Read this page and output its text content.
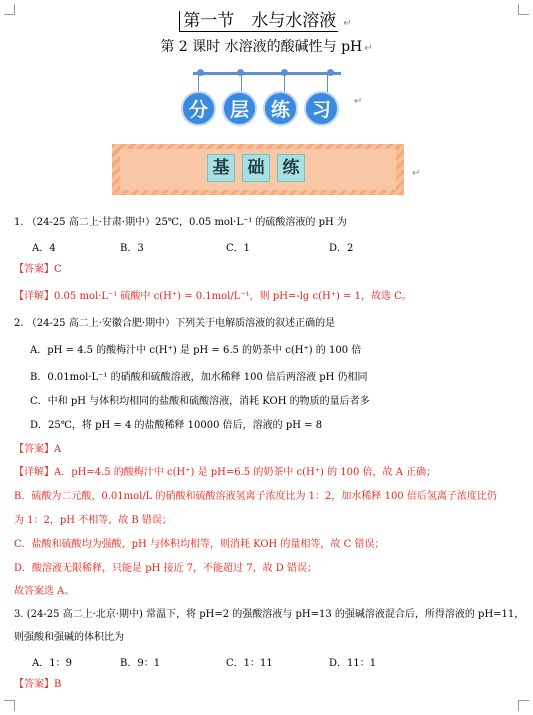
第一节　水与水溶液 ↵
第 2 课时 水溶液的酸碱性与 pH ↵
分	层	练	习	↵
基	础	练	↵
1. （24-25 高二上·甘肃·期中）25℃，0.05 mol·L⁻¹ 的硫酸溶液的 pH 为
A．4	B．3	C．1	D．2
【答案】C
【详解】0.05 mol·L⁻¹ 硫酸中 c(H⁺) = 0.1mol/L⁻¹，则 pH=-lg c(H⁺) = 1，故选 C。
2. （24-25 高二上·安徽合肥·期中）下列关于电解质溶液的叙述正确的是
A．pH = 4.5 的酸梅汁中 c(H⁺) 是 pH = 6.5 的奶茶中 c(H⁺) 的 100 倍
B．0.01mol·L⁻¹ 的硝酸和硫酸溶液，加水稀释 100 倍后两溶液 pH 仍相同
C．中和 pH 与体积均相同的盐酸和硫酸溶液，消耗 KOH 的物质的量后者多
D．25℃，将 pH = 4 的盐酸稀释 10000 倍后，溶液的 pH = 8
【答案】A
【详解】A．pH=4.5 的酸梅汁中 c(H⁺) 是 pH=6.5 的奶茶中 c(H⁺) 的 100 倍，故 A 正确；
B．硫酸为二元酸，0.01mol/L 的硝酸和硫酸溶液氢离子浓度比为 1：2，加水稀释 100 倍后氢离子浓度比仍
为 1：2，pH 不相等，故 B 错误；
C．盐酸和硫酸均为强酸，pH 与体积均相等，则消耗 KOH 的量相等，故 C 错误；
D．酸溶液无限稀释，只能是 pH 接近 7，不能超过 7，故 D 错误；
故答案选 A。
3. (24-25 高二上·北京·期中) 常温下，将 pH=2 的强酸溶液与 pH=13 的强碱溶液混合后，所得溶液的 pH=11，
则强酸和强碱的体积比为
A．1：9	B．9：1	C．1：11	D．11：1
【答案】B
